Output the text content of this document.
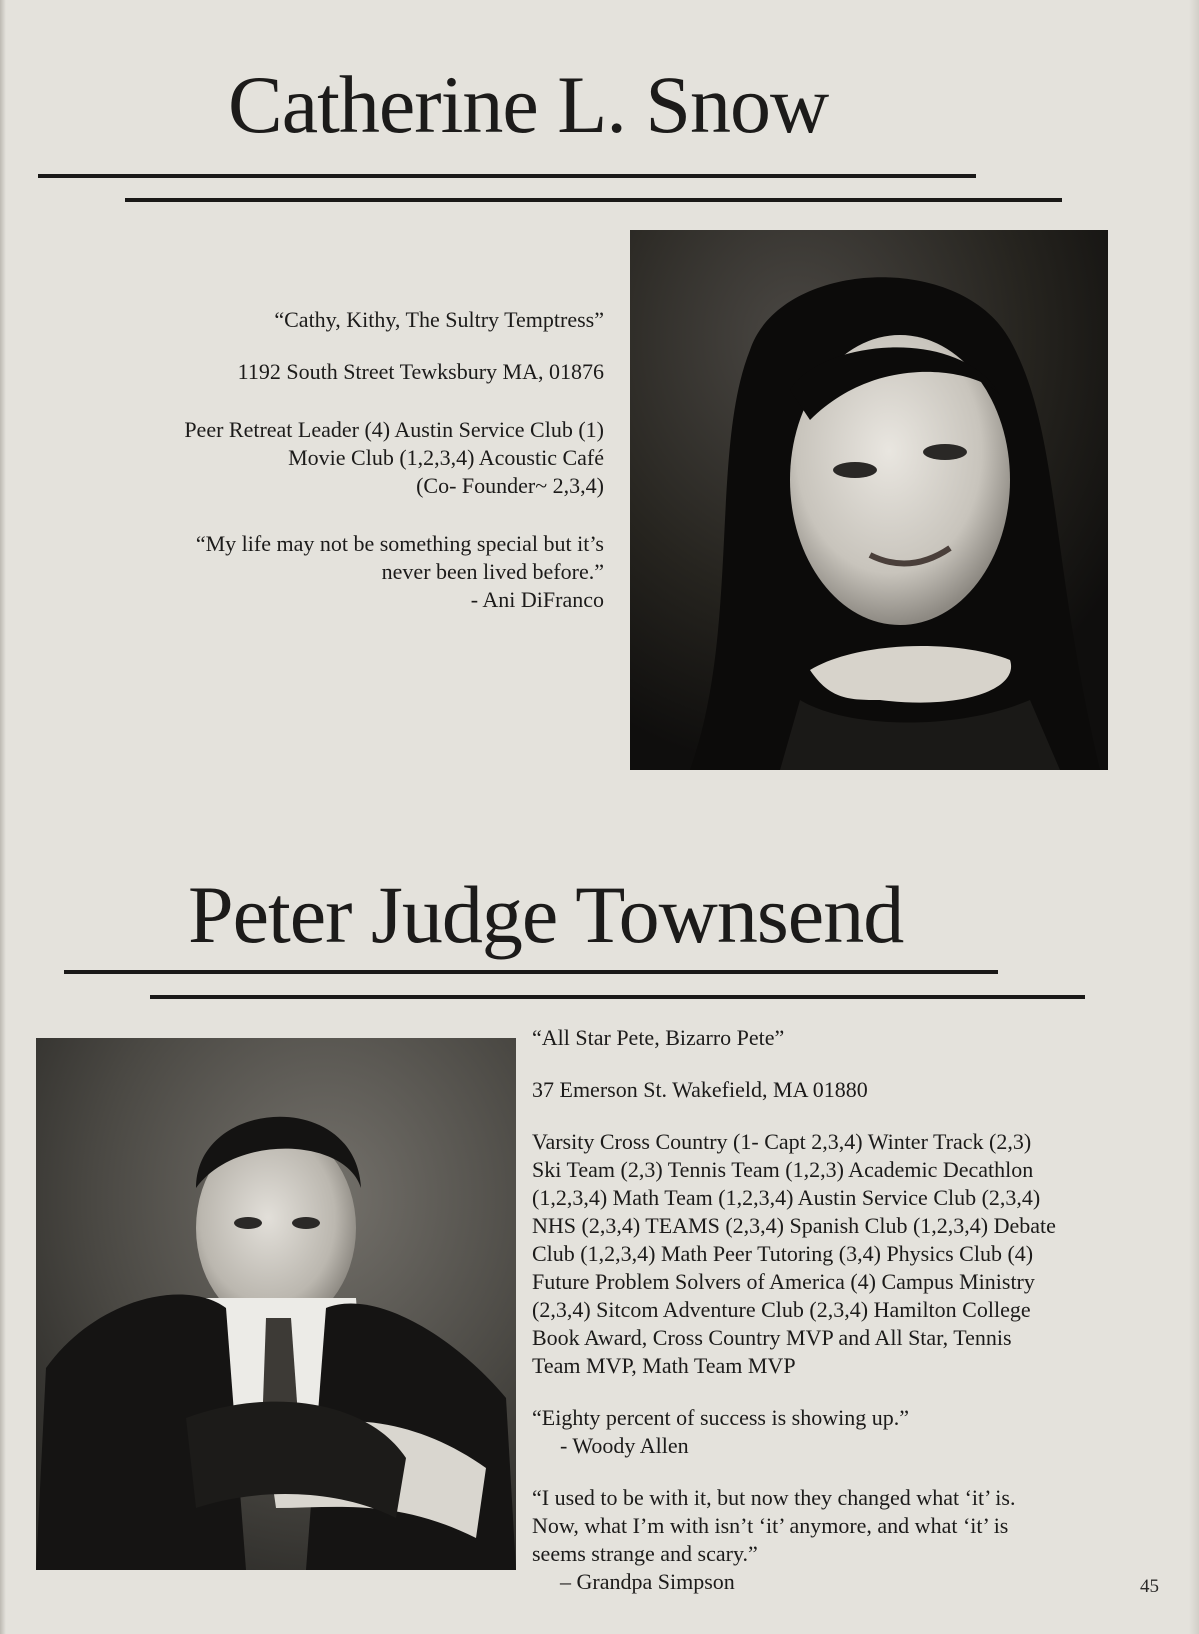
Catherine L. Snow

“Cathy, Kithy, The Sultry Temptress”

1192 South Street Tewksbury MA, 01876

Peer Retreat Leader (4) Austin Service Club (1)

Movie Club (1,2,3,4) Acoustic Café

(Co- Founder~ 2,3,4)

“My life may not be something special but it’s

never been lived before.”

- Ani DiFranco

Peter Judge Townsend

“All Star Pete, Bizarro Pete”

37 Emerson St. Wakefield, MA 01880

Varsity Cross Country (1- Capt 2,3,4) Winter Track (2,3)

Ski Team (2,3) Tennis Team (1,2,3) Academic Decathlon

(1,2,3,4) Math Team (1,2,3,4) Austin Service Club (2,3,4)

NHS (2,3,4) TEAMS (2,3,4) Spanish Club (1,2,3,4) Debate

Club (1,2,3,4) Math Peer Tutoring (3,4) Physics Club (4)

Future Problem Solvers of America (4) Campus Ministry

(2,3,4) Sitcom Adventure Club (2,3,4) Hamilton College

Book Award, Cross Country MVP and All Star, Tennis

Team MVP, Math Team MVP

“Eighty percent of success is showing up.”

- Woody Allen

“I used to be with it, but now they changed what ‘it’ is.

Now, what I’m with isn’t ‘it’ anymore, and what ‘it’ is

seems strange and scary.”

– Grandpa Simpson	45
